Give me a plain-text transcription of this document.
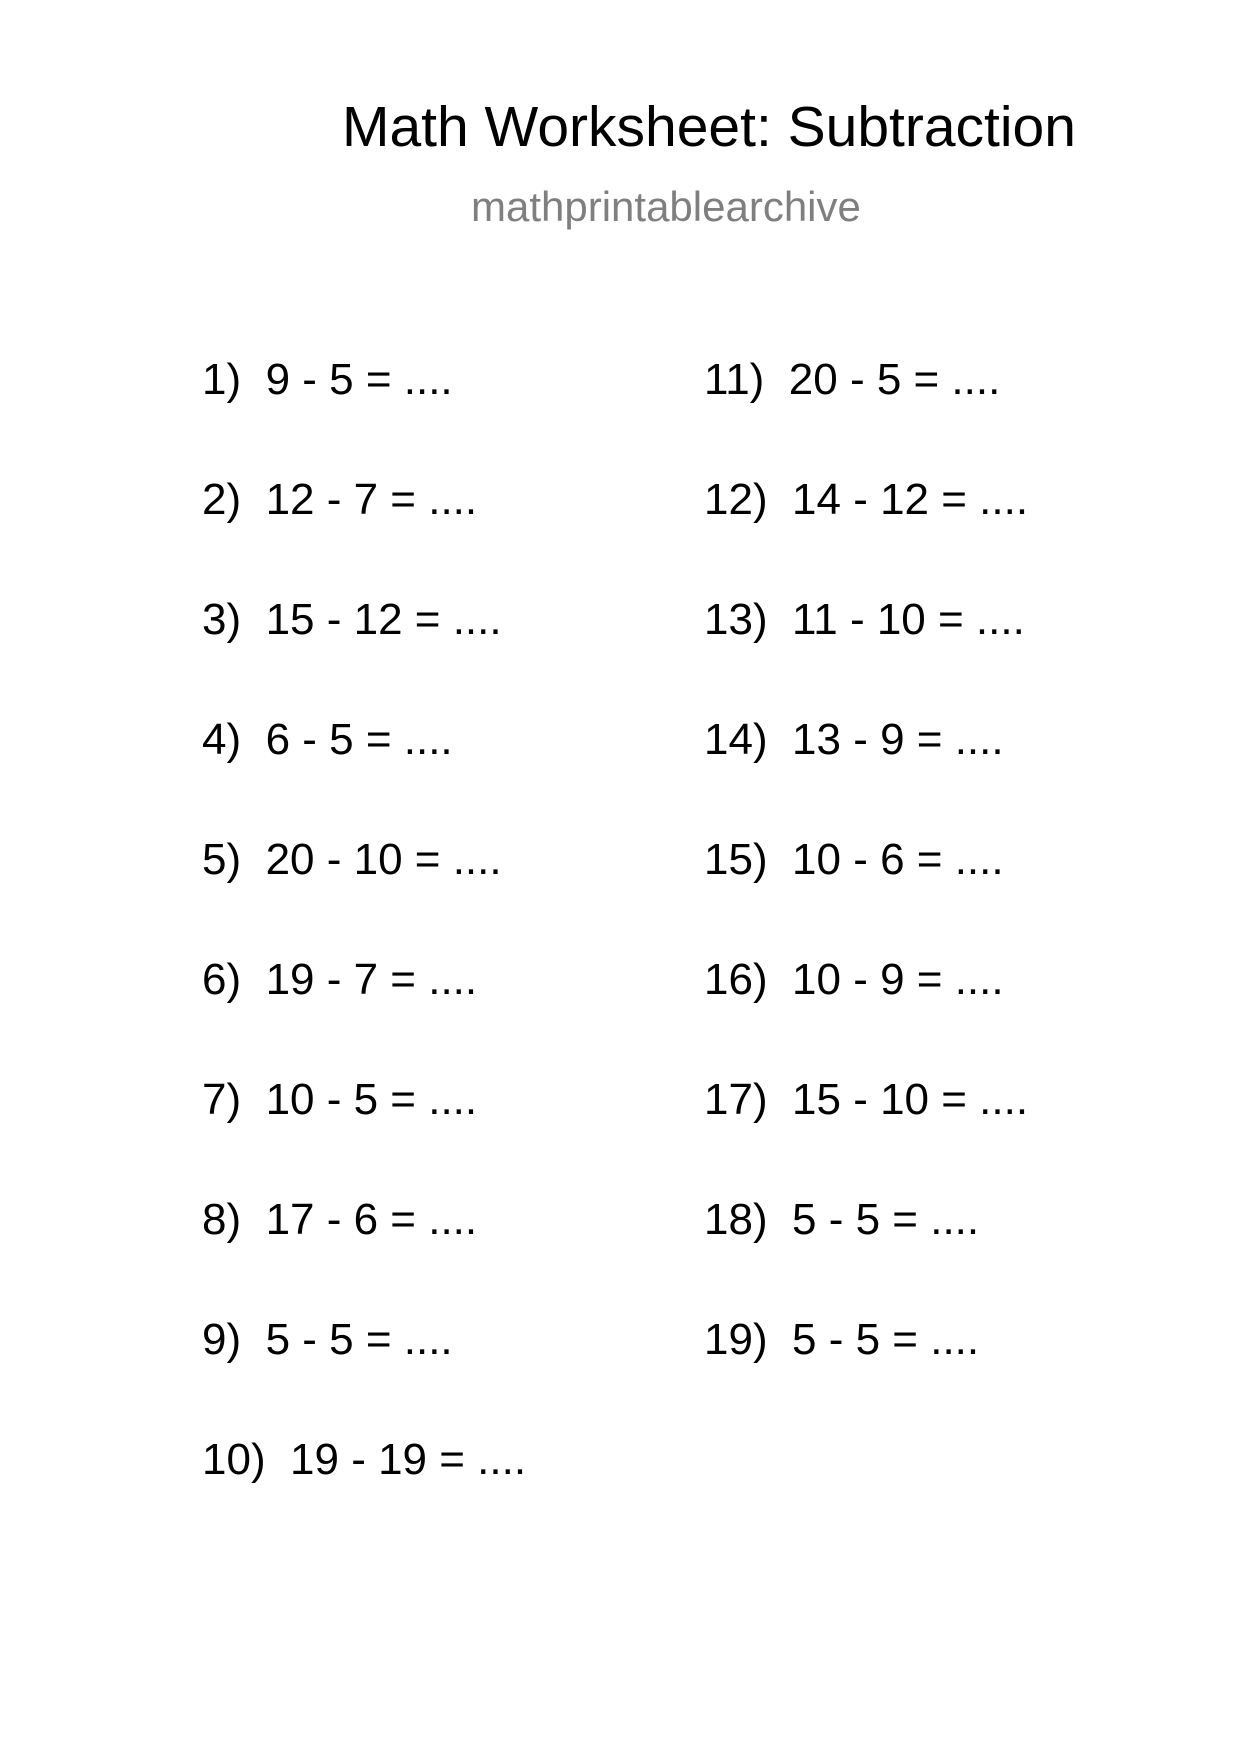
Math Worksheet: Subtraction
mathprintablearchive
1)  9 - 5 = ....
2)  12 - 7 = ....
3)  15 - 12 = ....
4)  6 - 5 = ....
5)  20 - 10 = ....
6)  19 - 7 = ....
7)  10 - 5 = ....
8)  17 - 6 = ....
9)  5 - 5 = ....
10)  19 - 19 = ....
11)  20 - 5 = ....
12)  14 - 12 = ....
13)  11 - 10 = ....
14)  13 - 9 = ....
15)  10 - 6 = ....
16)  10 - 9 = ....
17)  15 - 10 = ....
18)  5 - 5 = ....
19)  5 - 5 = ....
